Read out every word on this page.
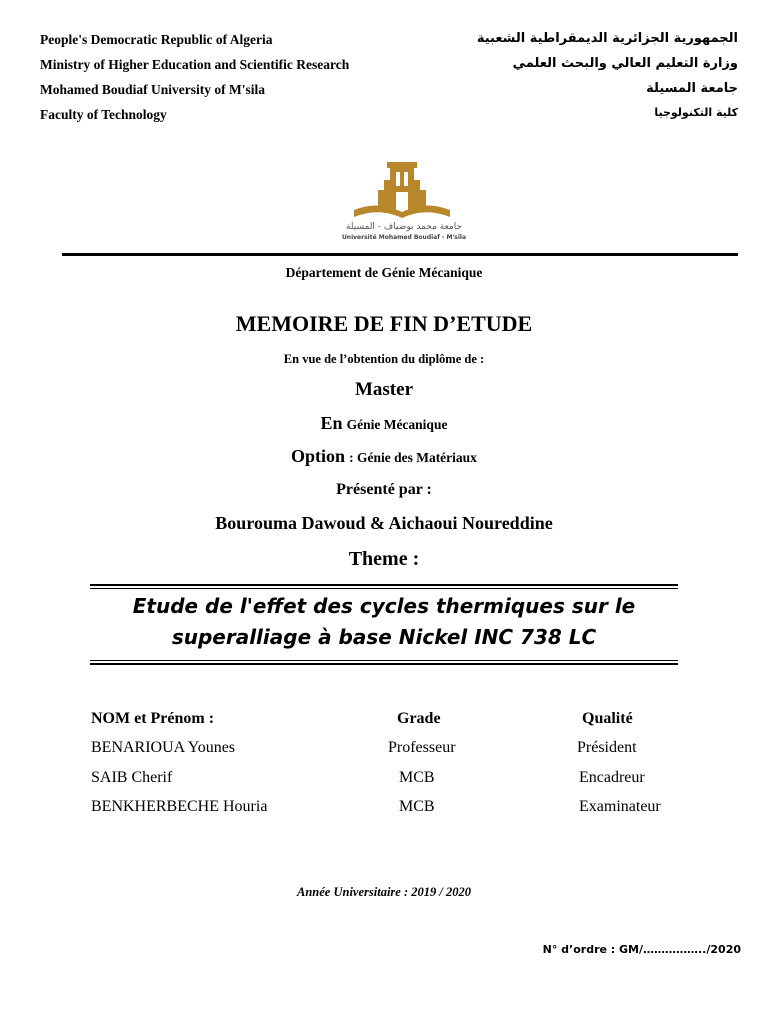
People's Democratic Republic of Algeria
Ministry of Higher Education and Scientific Research
Mohamed Boudiaf University of M'sila
Faculty of Technology
الجمهورية الجزائرية الديمقراطية الشعبية
وزارة التعليم العالي والبحث العلمي
جامعة المسيلة
كلية التكنولوجيا
جامعة محمد بوضياف - المسيلة
Université Mohamed Boudiaf - M'sila
Département de Génie Mécanique
MEMOIRE DE FIN D’ETUDE
En vue de l’obtention du diplôme de :
Master
En Génie Mécanique
Option : Génie des Matériaux
Présenté par :
Bourouma Dawoud & Aichaoui Noureddine
Theme :
Etude de l'effet des cycles thermiques sur le
superalliage à base Nickel INC 738 LC
NOM et Prénom :	Grade	Qualité
BENARIOUA Younes	Professeur	Président
SAIB Cherif	MCB	Encadreur
BENKHERBECHE Houria	MCB	Examinateur
Année Universitaire : 2019 / 2020
N° d’ordre : GM/……………../2020
